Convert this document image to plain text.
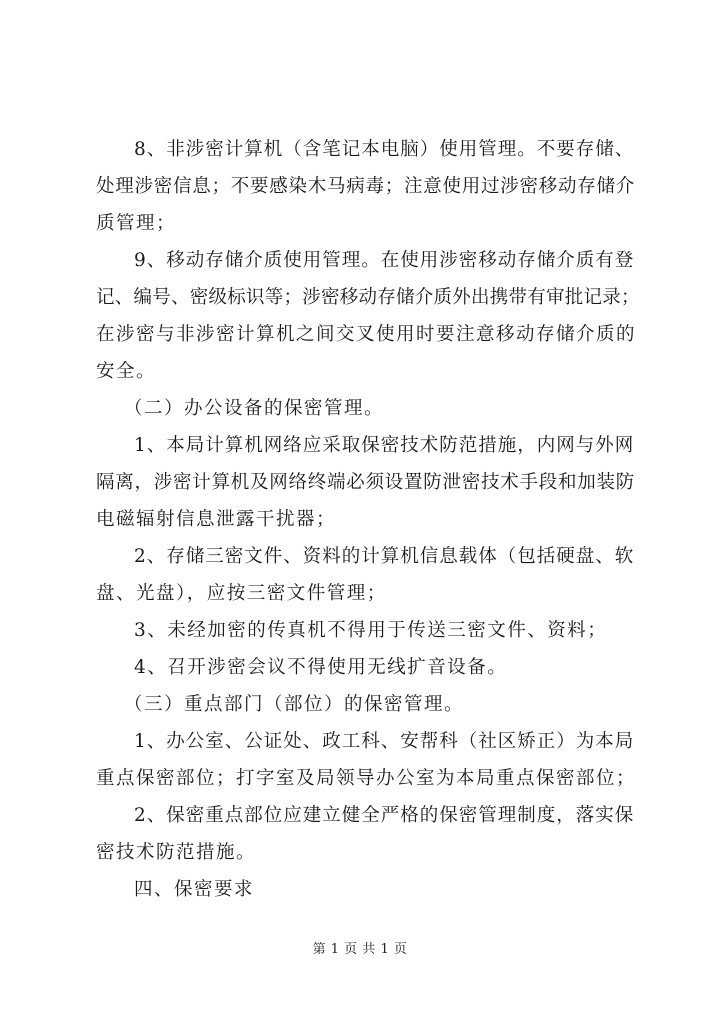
8、非涉密计算机（含笔记本电脑）使用管理。不要存储、
处理涉密信息；不要感染木马病毒；注意使用过涉密移动存储介
质管理；
9、移动存储介质使用管理。在使用涉密移动存储介质有登
记、编号、密级标识等；涉密移动存储介质外出携带有审批记录；
在涉密与非涉密计算机之间交叉使用时要注意移动存储介质的
安全。
（二）办公设备的保密管理。
1、本局计算机网络应采取保密技术防范措施，内网与外网
隔离，涉密计算机及网络终端必须设置防泄密技术手段和加装防
电磁辐射信息泄露干扰器；
2、存储三密文件、资料的计算机信息载体（包括硬盘、软
盘、光盘），应按三密文件管理；
3、未经加密的传真机不得用于传送三密文件、资料；
4、召开涉密会议不得使用无线扩音设备。
（三）重点部门（部位）的保密管理。
1、办公室、公证处、政工科、安帮科（社区矫正）为本局
重点保密部位；打字室及局领导办公室为本局重点保密部位；
2、保密重点部位应建立健全严格的保密管理制度，落实保
密技术防范措施。
四、保密要求
第 1 页 共 1 页
